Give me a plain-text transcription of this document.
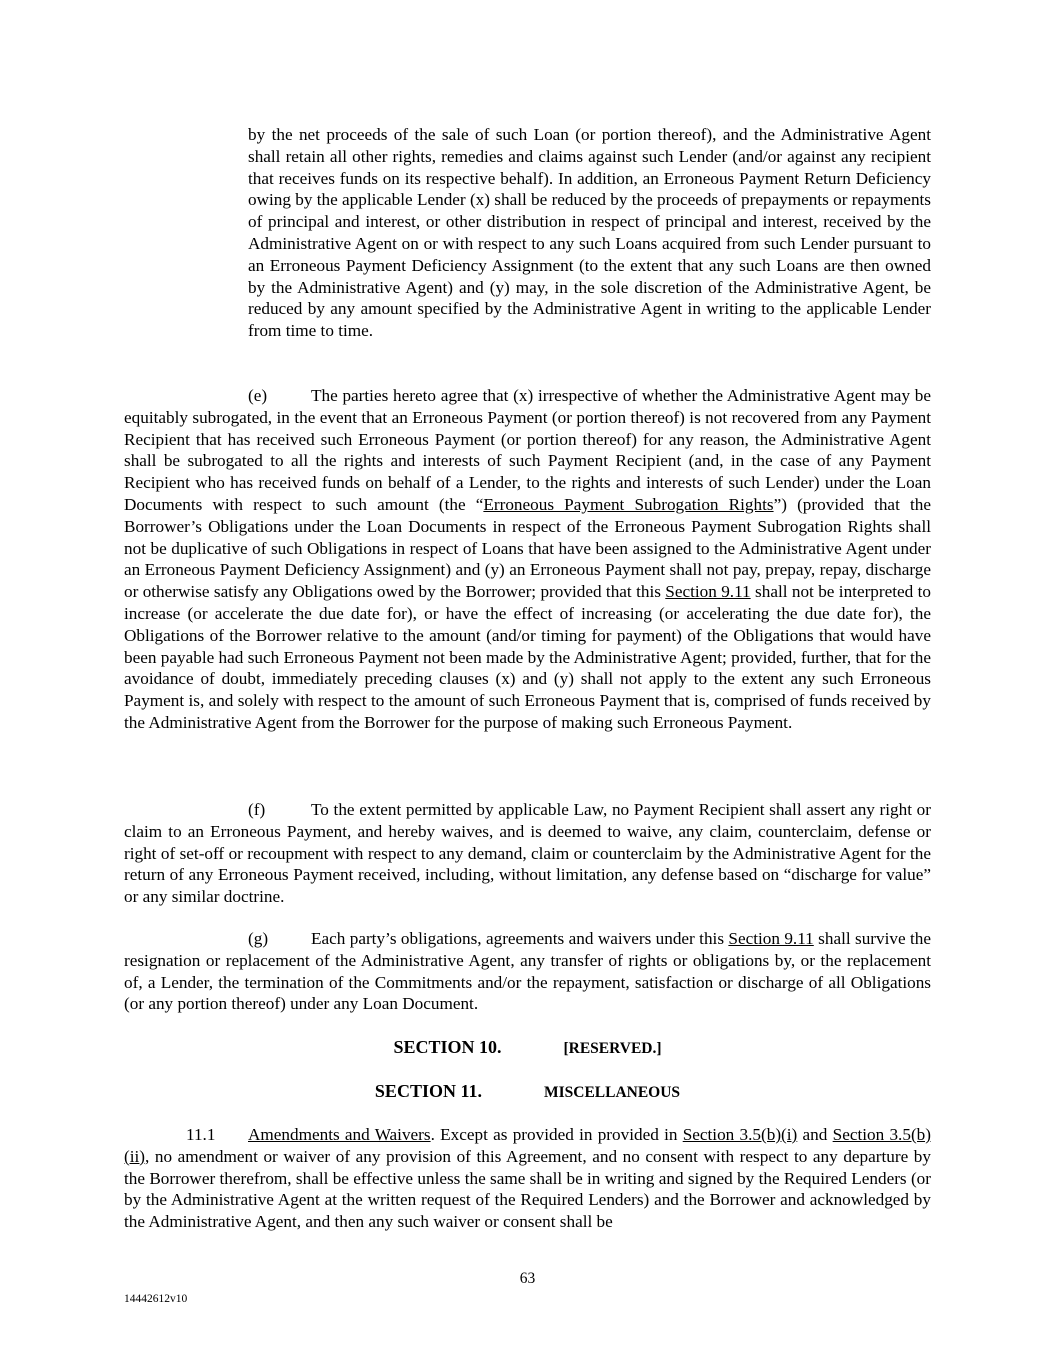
by the net proceeds of the sale of such Loan (or portion thereof), and the Administrative Agent shall retain all other rights, remedies and claims against such Lender (and/or against any recipient that receives funds on its respective behalf). In addition, an Erroneous Payment Return Deficiency owing by the applicable Lender (x) shall be reduced by the proceeds of prepayments or repayments of principal and interest, or other distribution in respect of principal and interest, received by the Administrative Agent on or with respect to any such Loans acquired from such Lender pursuant to an Erroneous Payment Deficiency Assignment (to the extent that any such Loans are then owned by the Administrative Agent) and (y) may, in the sole discretion of the Administrative Agent, be reduced by any amount specified by the Administrative Agent in writing to the applicable Lender from time to time.

(e)	The parties hereto agree that (x) irrespective of whether the Administrative Agent may be equitably subrogated, in the event that an Erroneous Payment (or portion thereof) is not recovered from any Payment Recipient that has received such Erroneous Payment (or portion thereof) for any reason, the Administrative Agent shall be subrogated to all the rights and interests of such Payment Recipient (and, in the case of any Payment Recipient who has received funds on behalf of a Lender, to the rights and interests of such Lender) under the Loan Documents with respect to such amount (the “Erroneous Payment Subrogation Rights”) (provided that the Borrower’s Obligations under the Loan Documents in respect of the Erroneous Payment Subrogation Rights shall not be duplicative of such Obligations in respect of Loans that have been assigned to the Administrative Agent under an Erroneous Payment Deficiency Assignment) and (y) an Erroneous Payment shall not pay, prepay, repay, discharge or otherwise satisfy any Obligations owed by the Borrower; provided that this Section 9.11 shall not be interpreted to increase (or accelerate the due date for), or have the effect of increasing (or accelerating the due date for), the Obligations of the Borrower relative to the amount (and/or timing for payment) of the Obligations that would have been payable had such Erroneous Payment not been made by the Administrative Agent; provided, further, that for the avoidance of doubt, immediately preceding clauses (x) and (y) shall not apply to the extent any such Erroneous Payment is, and solely with respect to the amount of such Erroneous Payment that is, comprised of funds received by the Administrative Agent from the Borrower for the purpose of making such Erroneous Payment.

(f)	To the extent permitted by applicable Law, no Payment Recipient shall assert any right or claim to an Erroneous Payment, and hereby waives, and is deemed to waive, any claim, counterclaim, defense or right of set-off or recoupment with respect to any demand, claim or counterclaim by the Administrative Agent for the return of any Erroneous Payment received, including, without limitation, any defense based on “discharge for value” or any similar doctrine.

(g) Each party’s obligations, agreements and waivers under this Section 9.11 shall survive the resignation or replacement of the Administrative Agent, any transfer of rights or obligations by, or the replacement of, a Lender, the termination of the Commitments and/or the repayment, satisfaction or discharge of all Obligations (or any portion thereof) under any Loan Document.

SECTION 10.	[RESERVED.]

SECTION 11.	MISCELLANEOUS

11.1 Amendments and Waivers. Except as provided in provided in Section 3.5(b)(i) and Section 3.5(b)(ii), no amendment or waiver of any provision of this Agreement, and no consent with respect to any departure by the Borrower therefrom, shall be effective unless the same shall be in writing and signed by the Required Lenders (or by the Administrative Agent at the written request of the Required Lenders) and the Borrower and acknowledged by the Administrative Agent, and then any such waiver or consent shall be

63

14442612v10
